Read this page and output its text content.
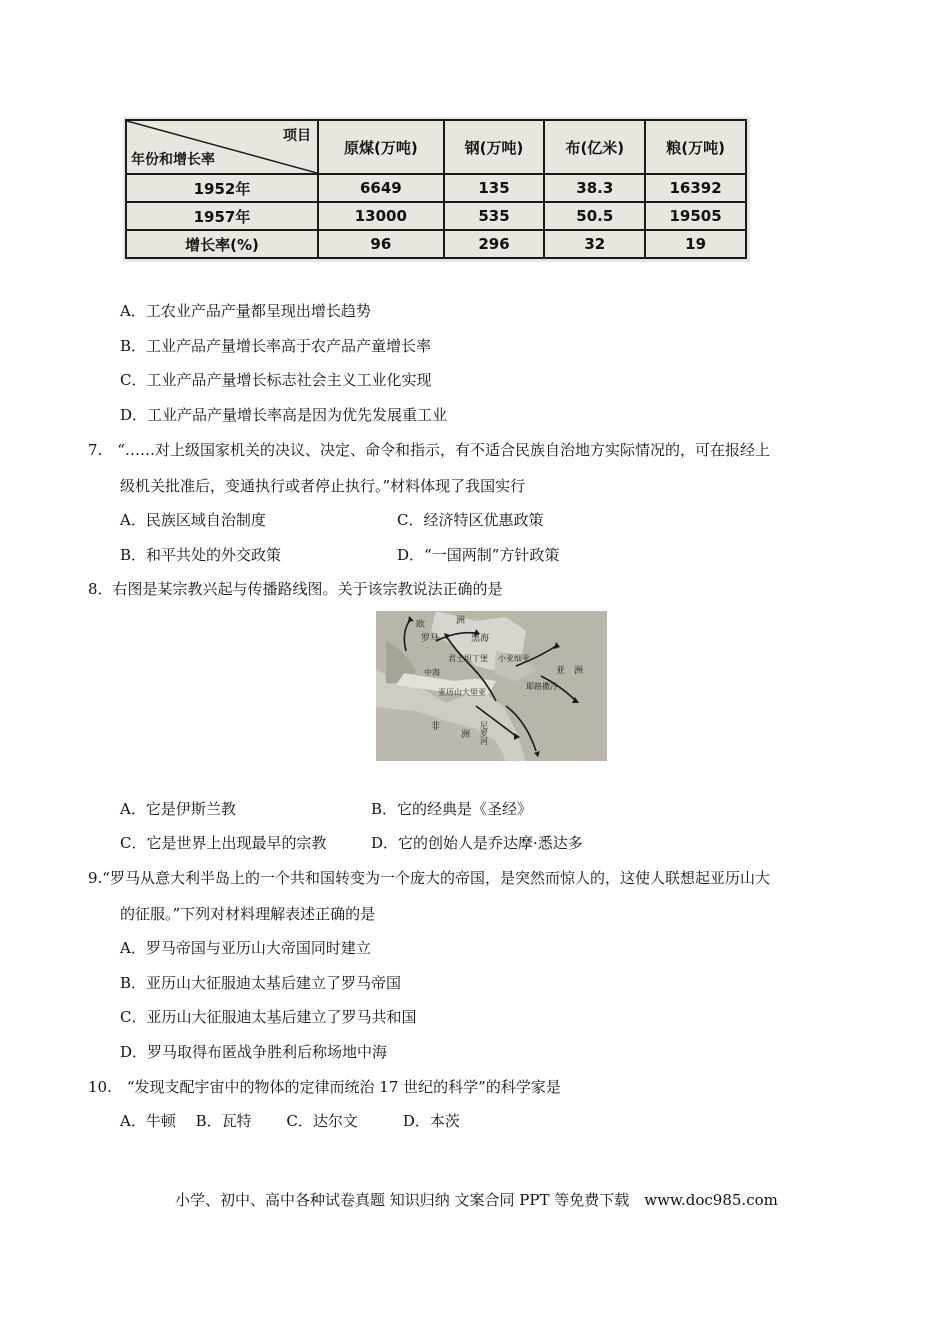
项目
年份和增长率	原煤(万吨)	钢(万吨)	布(亿米)	粮(万吨)
1952年	6649	135	38.3	16392
1957年	13000	535	50.5	19505
增长率(%)	96	296	32	19
A．工农业产品产量都呈现出增长趋势
B．工业产品产量增长率高于农产品产童增长率
C．工业产品产量增长标志社会主义工业化实现
D．工业产品产量增长率高是因为优先发展重工业
7.　“……对上级国家机关的决议、决定、命令和指示，有不适合民族自治地方实际情况的，可在报经上
级机关批准后，变通执行或者停止执行。”材料体现了我国实行
A．民族区域自治制度	C．经济特区优惠政策
B．和平共处的外交政策	D．“一国两制”方针政策
8．右图是某宗教兴起与传播路线图。关于该宗教说法正确的是
欧	洲
罗马	黑海
君士坦丁堡 小亚细亚
中海	亚　洲
耶路撒冷
亚历山大里亚
非
洲 尼罗河
A．它是伊斯兰教	B．它的经典是《圣经》
C．它是世界上出现最早的宗教	D．它的创始人是乔达摩·悉达多
9.“罗马从意大利半岛上的一个共和国转变为一个庞大的帝国，是突然而惊人的，这使人联想起亚历山大
的征服。”下列对材料理解表述正确的是
A．罗马帝国与亚历山大帝国同时建立
B．亚历山大征服迪太基后建立了罗马帝国
C．亚历山大征服迪太基后建立了罗马共和国
D．罗马取得布匿战争胜利后称场地中海
10.　“发现支配宇宙中的物体的定律而统治 17 世纪的科学”的科学家是
A．牛顿　 B．瓦特　　 C．达尔文　　　D．本茨
小学、初中、高中各种试卷真题 知识归纳 文案合同 PPT 等免费下载　www.doc985.com
